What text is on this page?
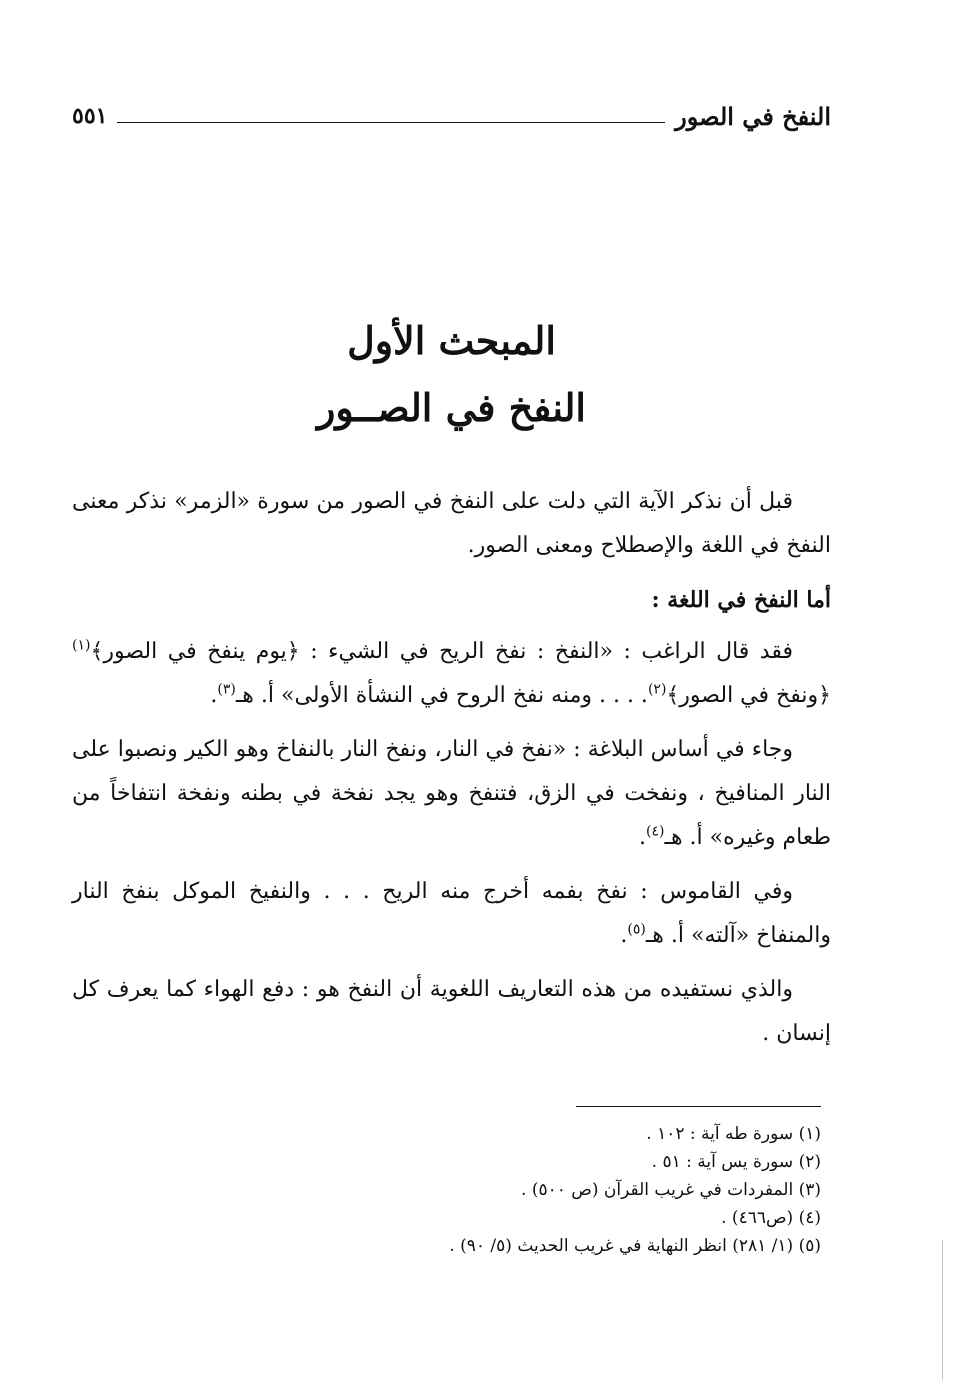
النفخ في الصور
٥٥١
المبحث الأول
النفخ في الصــور

قبل أن نذكر الآية التي دلت على النفخ في الصور من سورة «الزمر» نذكر معنى النفخ في اللغة والإصطلاح ومعنى الصور.

أما النفخ في اللغة :

فقد قال الراغب : «النفخ : نفخ الريح في الشيء : ﴿يوم ينفخ في الصور﴾$^{(١)}$ ﴿ونفخ في الصور﴾$^{(٢)}$. . . . ومنه نفخ الروح في النشأة الأولى» أ. هـ$^{(٣)}$.

وجاء في أساس البلاغة : «نفخ في النار، ونفخ النار بالنفاخ وهو الكير ونصبوا على النار المنافيخ ، ونفخت في الزق، فتنفخ وهو يجد نفخة في بطنه ونفخة انتفاخاً من طعام وغيره» أ. هـ$^{(٤)}$.

وفي القاموس : نفخ بفمه أخرج منه الريح . . . والنفيخ الموكل بنفخ النار والمنفاخ «آلته» أ. هـ$^{(٥)}$.

والذي نستفيده من هذه التعاريف اللغوية أن النفخ هو : دفع الهواء كما يعرف كل إنسان .

(١) سورة طه آية : ١٠٢ .
(٢) سورة يس آية : ٥١ .
(٣) المفردات في غريب القرآن (ص ٥٠٠) .
(٤) (ص٤٦٦) .
(٥) (١/ ٢٨١) انظر النهاية في غريب الحديث (٥/ ٩٠) .
